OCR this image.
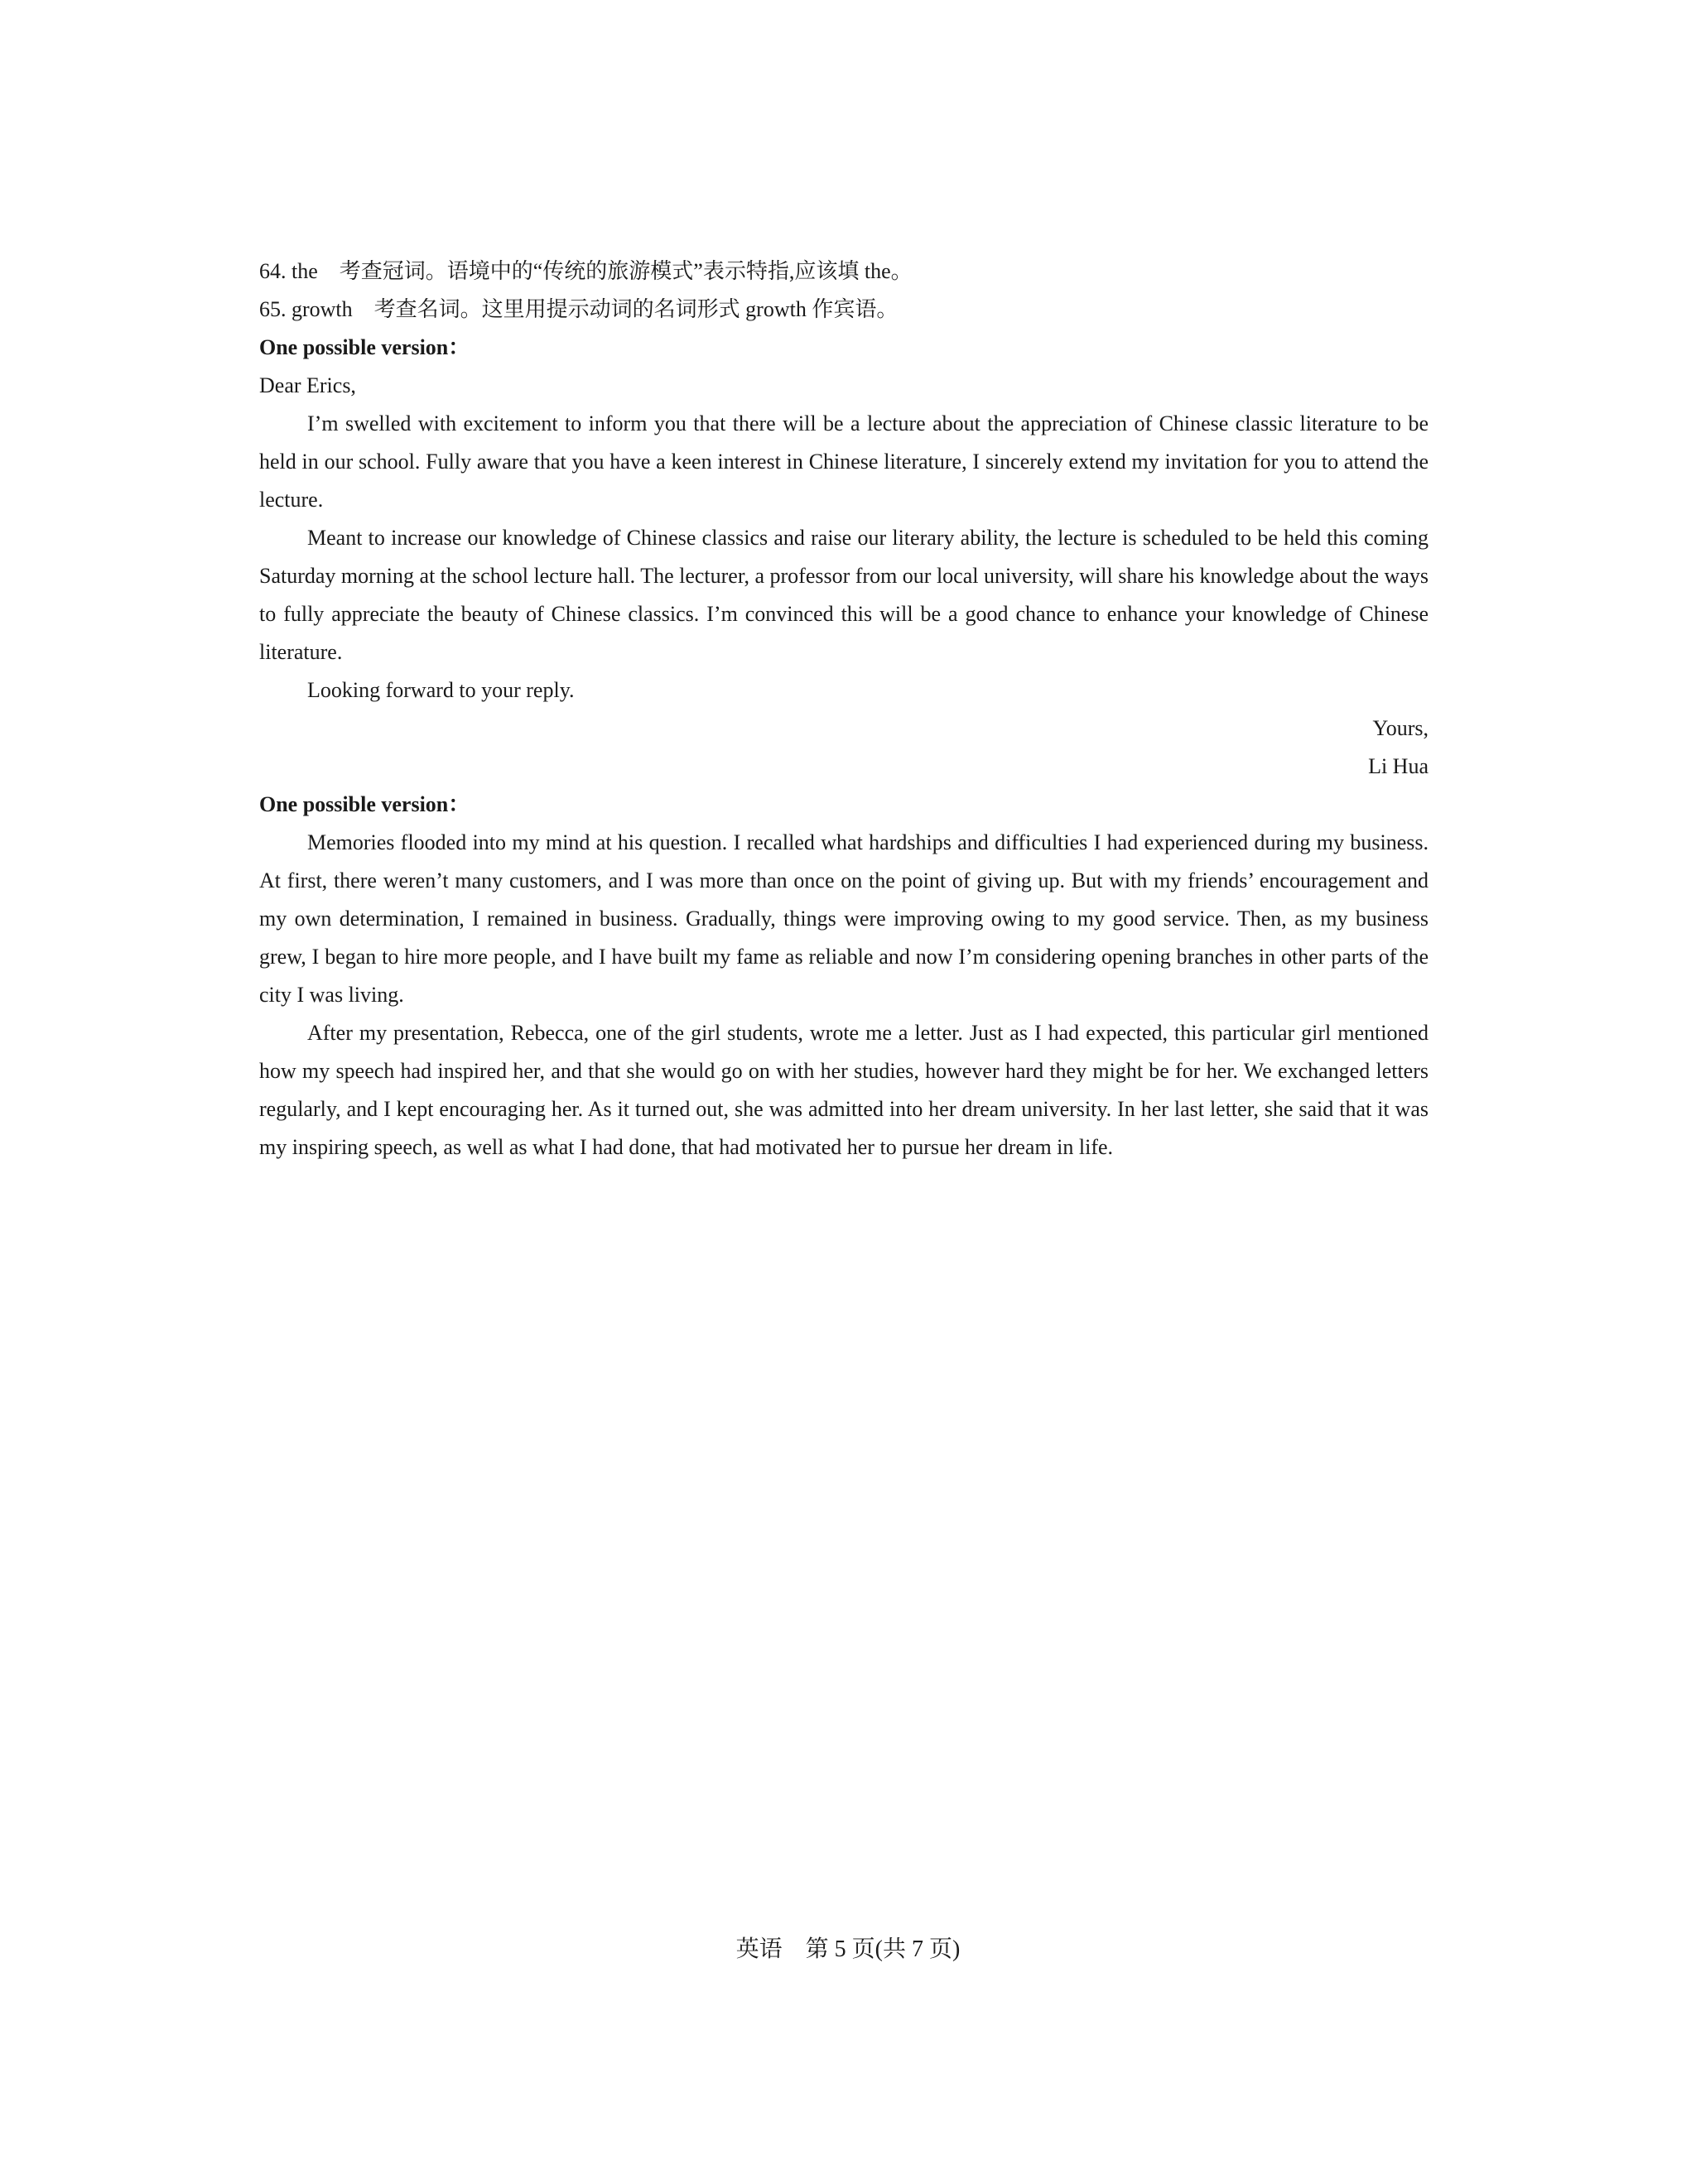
64. the　考查冠词。语境中的“传统的旅游模式”表示特指,应该填 the。
65. growth　考查名词。这里用提示动词的名词形式 growth 作宾语。
One possible version：
Dear Erics,

I’m swelled with excitement to inform you that there will be a lecture about the appreciation of Chinese classic literature to be held in our school. Fully aware that you have a keen interest in Chinese literature, I sincerely extend my invitation for you to attend the lecture.

Meant to increase our knowledge of Chinese classics and raise our literary ability, the lecture is scheduled to be held this coming Saturday morning at the school lecture hall. The lecturer, a professor from our local university, will share his knowledge about the ways to fully appreciate the beauty of Chinese classics. I’m convinced this will be a good chance to enhance your knowledge of Chinese literature.

Looking forward to your reply.

Yours,
Li Hua
One possible version：

Memories flooded into my mind at his question. I recalled what hardships and difficulties I had experienced during my business. At first, there weren’t many customers, and I was more than once on the point of giving up. But with my friends’ encouragement and my own determination, I remained in business. Gradually, things were improving owing to my good service. Then, as my business grew, I began to hire more people, and I have built my fame as reliable and now I’m considering opening branches in other parts of the city I was living.

After my presentation, Rebecca, one of the girl students, wrote me a letter. Just as I had expected, this particular girl mentioned how my speech had inspired her, and that she would go on with her studies, however hard they might be for her. We exchanged letters regularly, and I kept encouraging her. As it turned out, she was admitted into her dream university. In her last letter, she said that it was my inspiring speech, as well as what I had done, that had motivated her to pursue her dream in life.

英语　第 5 页(共 7 页)
